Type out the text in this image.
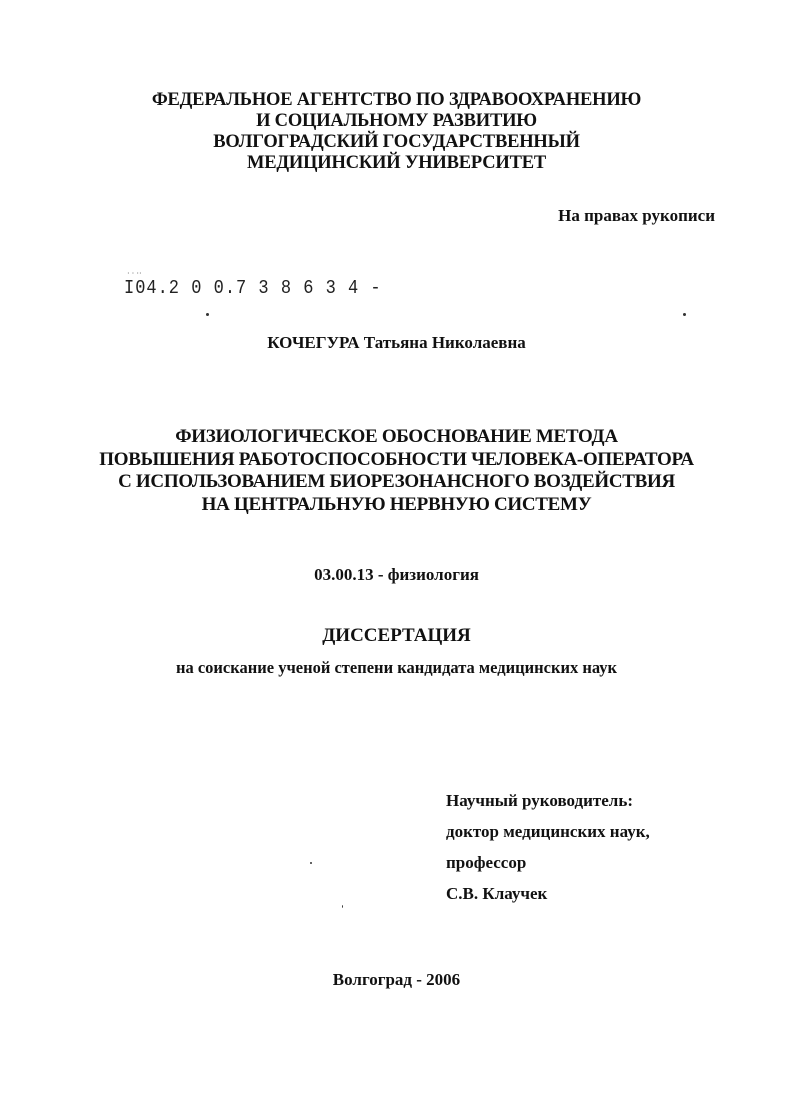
ФЕДЕРАЛЬНОЕ АГЕНТСТВО ПО ЗДРАВООХРАНЕНИЮ
И СОЦИАЛЬНОМУ РАЗВИТИЮ
ВОЛГОГРАДСКИЙ ГОСУДАРСТВЕННЫЙ
МЕДИЦИНСКИЙ УНИВЕРСИТЕТ
На правах рукописи
· · ··
I04.2 0 0.7 3 8 6 3 4 -
КОЧЕГУРА Татьяна Николаевна
ФИЗИОЛОГИЧЕСКОЕ ОБОСНОВАНИЕ МЕТОДА
ПОВЫШЕНИЯ РАБОТОСПОСОБНОСТИ ЧЕЛОВЕКА-ОПЕРАТОРА
С ИСПОЛЬЗОВАНИЕМ БИОРЕЗОНАНСНОГО ВОЗДЕЙСТВИЯ
НА ЦЕНТРАЛЬНУЮ НЕРВНУЮ СИСТЕМУ
03.00.13 - физиология
ДИССЕРТАЦИЯ
на соискание ученой степени кандидата медицинских наук
Научный руководитель:
доктор медицинских наук,
профессор
С.В. Клаучек
Волгоград - 2006
